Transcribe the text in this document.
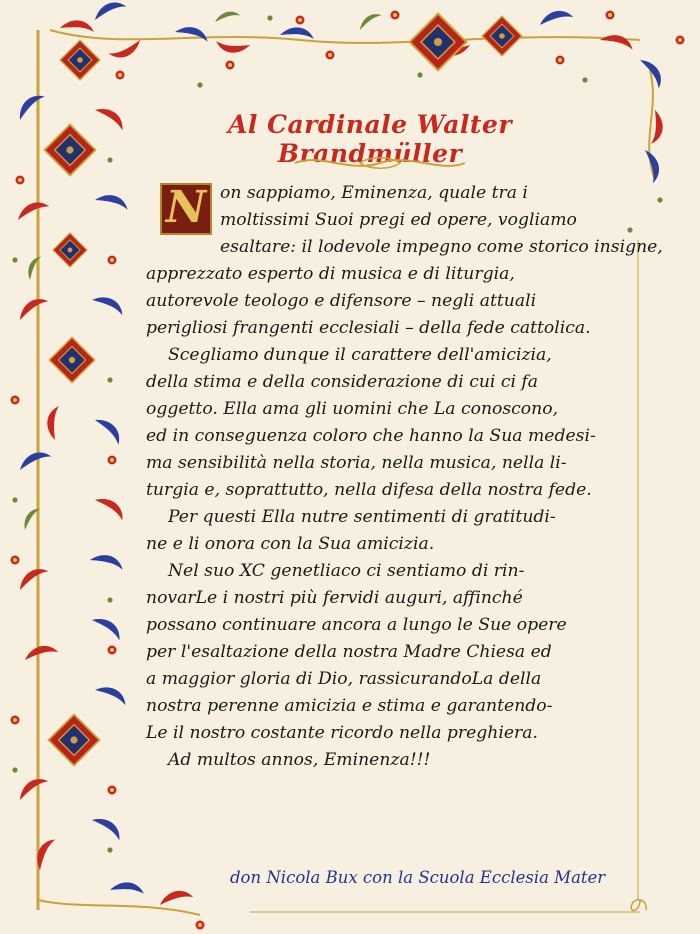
Al Cardinale Walter Brandmüller
N on sappiamo, Eminenza, quale tra i
moltissimi Suoi pregi ed opere, vogliamo
esaltare: il lodevole impegno come storico insigne,
apprezzato esperto di musica e di liturgia,
autorevole teologo e difensore – negli attuali
perigliosi frangenti ecclesiali – della fede cattolica.
Scegliamo dunque il carattere dell'amicizia,
della stima e della considerazione di cui ci fa
oggetto. Ella ama gli uomini che La conoscono,
ed in conseguenza coloro che hanno la Sua medesi-
ma sensibilità nella storia, nella musica, nella li-
turgia e, soprattutto, nella difesa della nostra fede.
Per questi Ella nutre sentimenti di gratitudi-
ne e li onora con la Sua amicizia.
Nel suo XC genetliaco ci sentiamo di rin-
novarLe i nostri più fervidi auguri, affinché
possano continuare ancora a lungo le Sue opere
per l'esaltazione della nostra Madre Chiesa ed
a maggior gloria di Dio, rassicurandoLa della
nostra perenne amicizia e stima e garantendo-
Le il nostro costante ricordo nella preghiera.
Ad multos annos, Eminenza!!!
don Nicola Bux con la Scuola Ecclesia Mater
